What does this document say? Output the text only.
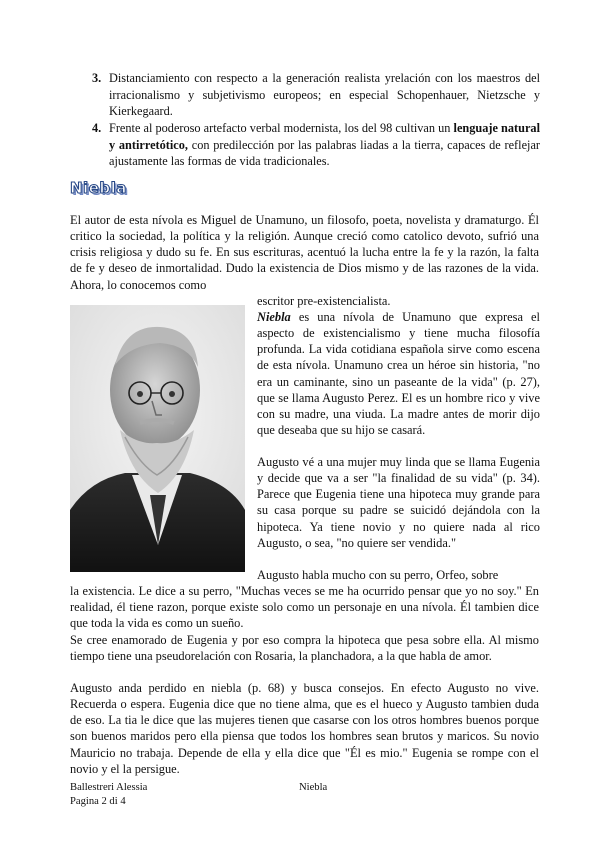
3. Distanciamiento con respecto a la generación realista yrelación con los maestros del irracionalismo y subjetivismo europeos; en especial Schopenhauer, Nietzsche y Kierkegaard.
4. Frente al poderoso artefacto verbal modernista, los del 98 cultivan un lenguaje natural y antirretótico, con predilección por las palabras liadas a la tierra, capaces de reflejar ajustamente las formas de vida tradicionales.
Niebla

El autor de esta nívola es Miguel de Unamuno, un filosofo, poeta, novelista y dramaturgo. Él critico la sociedad, la política y la religión. Aunque creció como catolico devoto, sufrió una crisis religiosa y dudo su fe. En sus escrituras, acentuó la lucha entre la fe y la razón, la falta de fe y deseo de inmortalidad. Dudo la existencia de Dios mismo y de las razones de la vida. Ahora, lo conocemos como
escritor pre-existencialista.

Niebla es una nívola de Unamuno que expresa el aspecto de existencialismo y tiene mucha filosofía profunda. La vida cotidiana española sirve como escena de esta nívola. Unamuno crea un héroe sin historia, "no era un caminante, sino un paseante de la vida" (p. 27), que se llama Augusto Perez. El es un hombre rico y vive con su madre, una viuda. La madre antes de morir dijo que deseaba que su hijo se casará.

Augusto vé a una mujer muy linda que se llama Eugenia y decide que va a ser "la finalidad de su vida" (p. 34). Parece que Eugenia tiene una hipoteca muy grande para su casa porque su padre se suicidó dejándola con la hipoteca. Ya tiene novio y no quiere nada al rico Augusto, o sea, "no quiere ser vendida."

Augusto habla mucho con su perro, Orfeo, sobre

la existencia. Le dice a su perro, "Muchas veces se me ha ocurrido pensar que yo no soy." En realidad, él tiene razon, porque existe solo como un personaje en una nívola. Él tambien dice que toda la vida es como un sueño.

Se cree enamorado de Eugenia y por eso compra la hipoteca que pesa sobre ella. Al mismo tiempo tiene una pseudorelación con Rosaria, la planchadora, a la que habla de amor.

Augusto anda perdido en niebla (p. 68) y busca consejos. En efecto Augusto no vive. Recuerda o espera. Eugenia dice que no tiene alma, que es el hueco y Augusto tambien duda de eso. La tia le dice que las mujeres tienen que casarse con los otros hombres buenos porque son buenos maridos pero ella piensa que todos los hombres sean brutos y maricos. Su novio Mauricio no trabaja. Depende de ella y ella dice que "Él es mio." Eugenia se rompe con el novio y el la persigue.

Ballestreri Alessia
Pagina 2 di 4
Niebla
